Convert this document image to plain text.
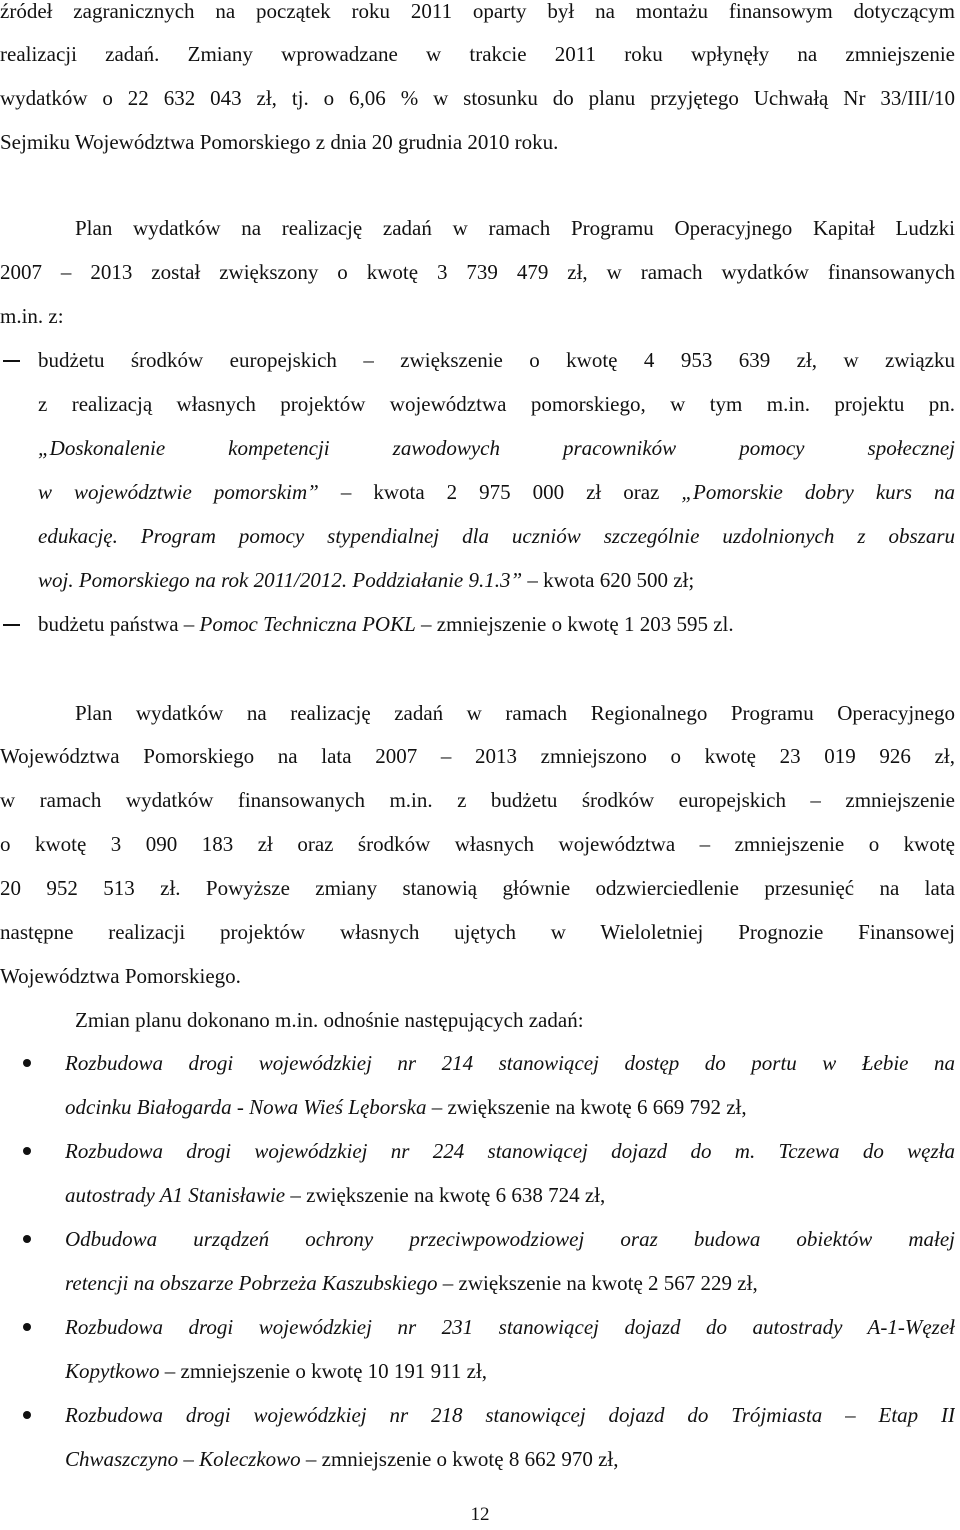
źródeł zagranicznych na początek roku 2011 oparty był na montażu finansowym dotyczącym
realizacji zadań. Zmiany wprowadzane w trakcie 2011 roku wpłynęły na zmniejszenie
wydatków o 22 632 043 zł, tj. o 6,06 % w stosunku do planu przyjętego Uchwałą Nr 33/III/10
Sejmiku Województwa Pomorskiego z dnia 20 grudnia 2010 roku.
Plan wydatków na realizację zadań w ramach Programu Operacyjnego Kapitał Ludzki
2007 – 2013 został zwiększony o kwotę 3 739 479 zł, w ramach wydatków finansowanych
m.in. z:
budżetu środków europejskich – zwiększenie o kwotę 4 953 639 zł, w związku
z realizacją własnych projektów województwa pomorskiego, w tym m.in. projektu pn.
„Doskonalenie kompetencji zawodowych pracowników pomocy społecznej
w województwie pomorskim” – kwota 2 975 000 zł oraz „Pomorskie dobry kurs na
edukację. Program pomocy stypendialnej dla uczniów szczególnie uzdolnionych z obszaru
woj. Pomorskiego na rok 2011/2012. Poddziałanie 9.1.3” – kwota 620 500 zł;
budżetu państwa – Pomoc Techniczna POKL – zmniejszenie o kwotę 1 203 595 zl.
Plan wydatków na realizację zadań w ramach Regionalnego Programu Operacyjnego
Województwa Pomorskiego na lata 2007 – 2013 zmniejszono o kwotę 23 019 926 zł,
w ramach wydatków finansowanych m.in. z budżetu środków europejskich – zmniejszenie
o kwotę 3 090 183 zł oraz środków własnych województwa – zmniejszenie o kwotę
20 952 513 zł. Powyższe zmiany stanowią głównie odzwierciedlenie przesunięć na lata
następne realizacji projektów własnych ujętych w Wieloletniej Prognozie Finansowej
Województwa Pomorskiego.
Zmian planu dokonano m.in. odnośnie następujących zadań:
Rozbudowa drogi wojewódzkiej nr 214 stanowiącej dostęp do portu w Łebie na
odcinku Białogarda - Nowa Wieś Lęborska – zwiększenie na kwotę 6 669 792 zł,
Rozbudowa drogi wojewódzkiej nr 224 stanowiącej dojazd do m. Tczewa do węzła
autostrady A1 Stanisławie – zwiększenie na kwotę 6 638 724 zł,
Odbudowa urządzeń ochrony przeciwpowodziowej oraz budowa obiektów małej
retencji na obszarze Pobrzeża Kaszubskiego – zwiększenie na kwotę 2 567 229 zł,
Rozbudowa drogi wojewódzkiej nr 231 stanowiącej dojazd do autostrady A-1-Węzeł
Kopytkowo – zmniejszenie o kwotę 10 191 911 zł,
Rozbudowa drogi wojewódzkiej nr 218 stanowiącej dojazd do Trójmiasta – Etap II
Chwaszczyno – Koleczkowo – zmniejszenie o kwotę 8 662 970 zł,
12
